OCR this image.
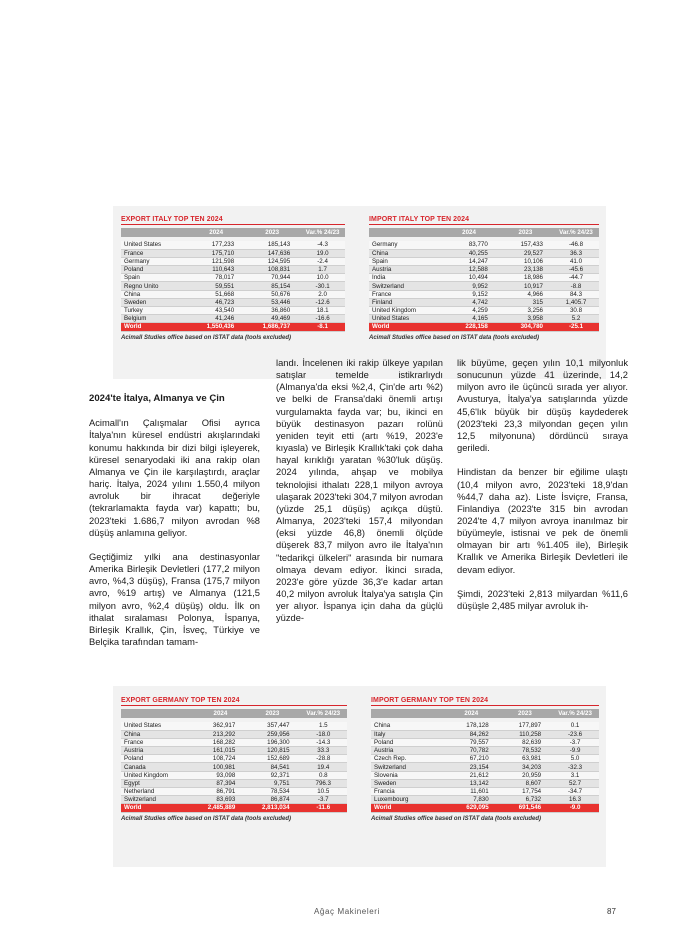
EXPORT ITALY TOP TEN 2024
	2024	2023	Var.% 24/23

United States	177,233	185,143	-4.3
France	175,710	147,636	19.0
Germany	121,598	124,595	-2.4
Poland	110,643	108,831	1.7
Spain	78,017	70,944	10.0
Regno Unito	59,551	85,154	-30.1
China	51,668	50,676	2.0
Sweden	46,723	53,446	-12.6
Turkey	43,540	36,860	18.1
Belgium	41,246	49,469	-16.6
World	1,550,436	1,686,737	-8.1
Acimall Studies office based on ISTAT data (tools excluded)
IMPORT ITALY TOP TEN 2024
	2024	2023	Var.% 24/23

Germany	83,770	157,433	-46.8
China	40,255	29,527	36.3
Spain	14,247	10,106	41.0
Austria	12,588	23,138	-45.6
India	10,494	18,986	-44.7
Switzerland	9,952	10,917	-8.8
France	9,152	4,966	84.3
Finland	4,742	315	1,405.7
United Kingdom	4,259	3,256	30.8
United States	4,165	3,958	5.2
World	228,158	304,780	-25.1
Acimall Studies office based on ISTAT data (tools excluded)
2024'te İtalya, Almanya ve Çin

Acimall'ın Çalışmalar Ofisi ayrıca İtalya'nın küresel endüstri akışlarındaki konumu hakkında bir dizi bilgi işleyerek, küresel senaryodaki iki ana rakip olan Almanya ve Çin ile karşılaştırdı, araçlar hariç. İtalya, 2024 yılını 1.550,4 milyon avroluk bir ihracat değeriyle (tekrarlamakta fayda var) kapattı; bu, 2023'teki 1.686,7 milyon avrodan %8 düşüş anlamına geliyor.

Geçtiğimiz yılki ana destinasyonlar Amerika Birleşik Devletleri (177,2 milyon avro, %4,3 düşüş), Fransa (175,7 milyon avro, %19 artış) ve Almanya (121,5 milyon avro, %2,4 düşüş) oldu. İlk on ithalat sıralaması Polonya, İspanya, Birleşik Krallık, Çin, İsveç, Türkiye ve Belçika tarafından tamam-

landı. İncelenen iki rakip ülkeye yapılan satışlar temelde istikrarlıydı (Almanya'da eksi %2,4, Çin'de artı %2) ve belki de Fransa'daki önemli artışı vurgulamakta fayda var; bu, ikinci en büyük destinasyon pazarı rolünü yeniden teyit etti (artı %19, 2023'e kıyasla) ve Birleşik Krallık'taki çok daha hayal kırıklığı yaratan %30'luk düşüş. 2024 yılında, ahşap ve mobilya teknolojisi ithalatı 228,1 milyon avroya ulaşarak 2023'teki 304,7 milyon avrodan (yüzde 25,1 düşüş) açıkça düştü. Almanya, 2023'teki 157,4 milyondan (eksi yüzde 46,8) önemli ölçüde düşerek 83,7 milyon avro ile İtalya'nın "tedarikçi ülkeleri" arasında bir numara olmaya devam ediyor. İkinci sırada, 2023'e göre yüzde 36,3'e kadar artan 40,2 milyon avroluk İtalya'ya satışla Çin yer alıyor. İspanya için daha da güçlü yüzde-

lik büyüme, geçen yılın 10,1 milyonluk sonucunun yüzde 41 üzerinde, 14,2 milyon avro ile üçüncü sırada yer alıyor. Avusturya, İtalya'ya satışlarında yüzde 45,6'lık büyük bir düşüş kaydederek (2023'teki 23,3 milyondan geçen yılın 12,5 milyonuna) dördüncü sıraya geriledi.

Hindistan da benzer bir eğilime ulaştı (10,4 milyon avro, 2023'teki 18,9'dan %44,7 daha az). Liste İsviçre, Fransa, Finlandiya (2023'te 315 bin avrodan 2024'te 4,7 milyon avroya inanılmaz bir büyümeyle, istisnai ve pek de önemli olmayan bir artı %1.405 ile), Birleşik Krallık ve Amerika Birleşik Devletleri ile devam ediyor.

Şimdi, 2023'teki 2,813 milyardan %11,6 düşüşle 2,485 milyar avroluk ih-

EXPORT GERMANY TOP TEN 2024
	2024	2023	Var.% 24/23

United States	362,917	357,447	1.5
China	213,292	259,956	-18.0
France	168,282	196,300	-14.3
Austria	161,015	120,815	33.3
Poland	108,724	152,689	-28.8
Canada	100,981	84,541	19.4
United Kingdom	93,098	92,371	0.8
Egypt	87,394	9,751	796.3
Netherland	86,791	78,534	10.5
Switzerland	83,693	86,874	-3.7
World	2,485,889	2,813,034	-11.6
Acimall Studies office based on ISTAT data (tools excluded)
IMPORT GERMANY TOP TEN 2024
	2024	2023	Var.% 24/23

China	178,128	177,897	0.1
Italy	84,262	110,258	-23.6
Poland	79,557	82,639	-3.7
Austria	70,782	78,532	-9.9
Czech Rep.	67,210	63,981	5.0
Switzerland	23,154	34,203	-32.3
Slovenia	21,612	20,959	3.1
Sweden	13,142	8,607	52.7
Francia	11,601	17,754	-34.7
Luxembourg	7,830	6,732	16.3
World	629,095	691,546	-9.0
Acimall Studies office based on ISTAT data (tools excluded)
Ağaç Makineleri	87
